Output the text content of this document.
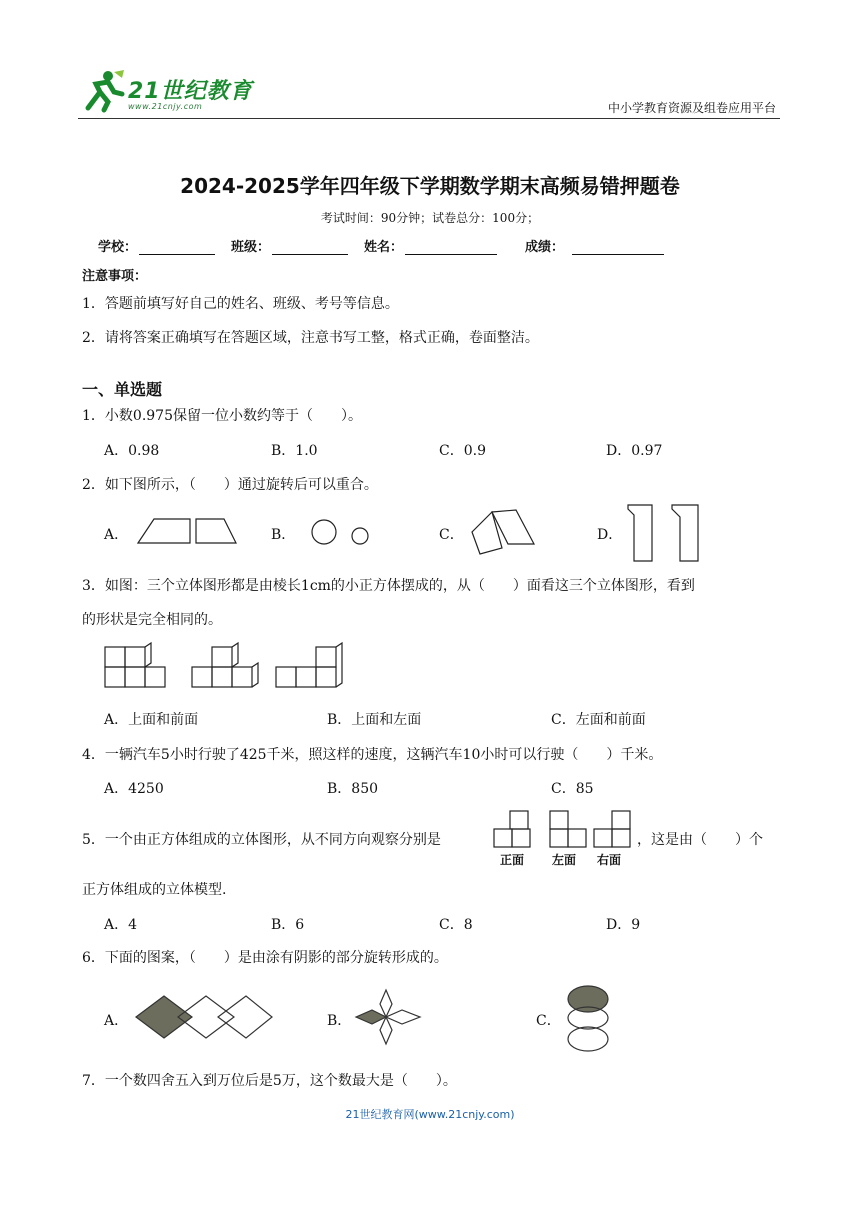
21世纪教育
www.21cnjy.com	中小学教育资源及组卷应用平台
2024-2025学年四年级下学期数学期末高频易错押题卷
考试时间：90分钟；试卷总分：100分；
学校：	班级：	姓名：	成绩：
注意事项：
1．答题前填写好自己的姓名、班级、考号等信息。
2．请将答案正确填写在答题区域，注意书写工整，格式正确，卷面整洁。
一、单选题
1．小数0.975保留一位小数约等于（　　）。
A．0.98	B．1.0	C．0.9	D．0.97
2．如下图所示，（　　）通过旋转后可以重合。
A．	B．	C．	D．
3．如图：三个立体图形都是由棱长1cm的小正方体摆成的，从（　　）面看这三个立体图形，看到
的形状是完全相同的。
A．上面和前面	B．上面和左面	C．左面和前面
4．一辆汽车5小时行驶了425千米，照这样的速度，这辆汽车10小时可以行驶（　　）千米。
A．4250	B．850	C．85
5．一个由正方体组成的立体图形，从不同方向观察分别是
正面 左面 右面
，这是由（　　）个
正方体组成的立体模型.
A．4	B．6	C．8	D．9
6．下面的图案，（　　）是由涂有阴影的部分旋转形成的。
A．	B．	C．
7．一个数四舍五入到万位后是5万，这个数最大是（　　）。
21世纪教育网(www.21cnjy.com)
